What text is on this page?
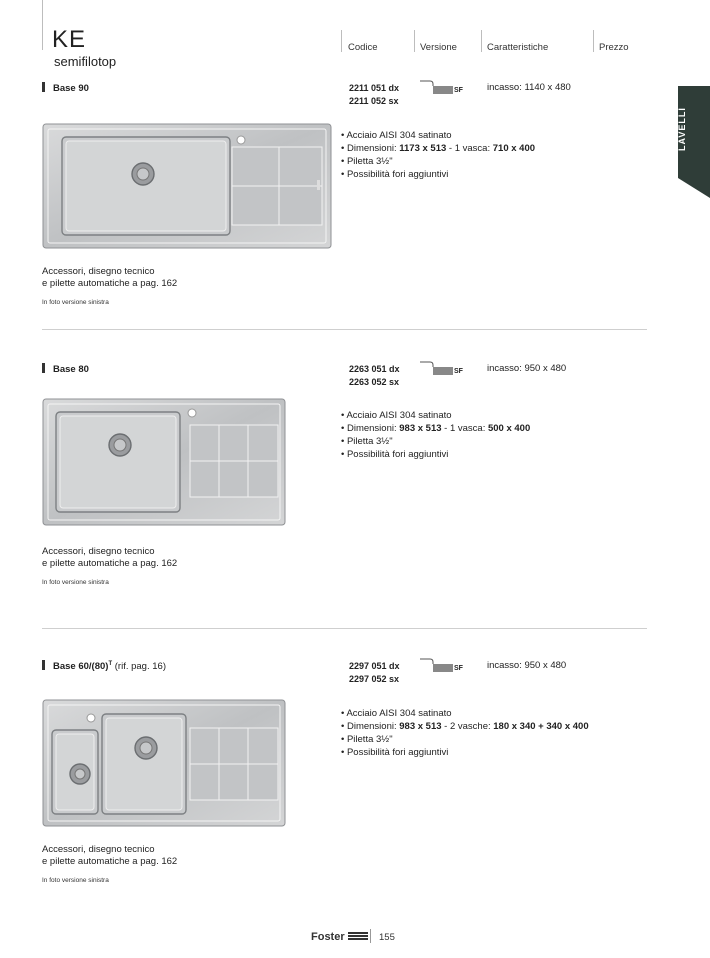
KE
semifilotop
Codice	Versione	Caratteristiche	Prezzo
LAVELLI
Base 90	2211 051 dx
2211 052 sx
SF	incasso: 1140 x 480
• Acciaio AISI 304 satinato
• Dimensioni: 1173 x 513 - 1 vasca: 710 x 400
• Piletta 3½"
• Possibilità fori aggiuntivi
Accessori, disegno tecnico
e pilette automatiche a pag. 162
In foto versione sinistra
Base 80	2263 051 dx
2263 052 sx
SF	incasso: 950 x 480
• Acciaio AISI 304 satinato
• Dimensioni: 983 x 513 - 1 vasca: 500 x 400
• Piletta 3½"
• Possibilità fori aggiuntivi
Accessori, disegno tecnico
e pilette automatiche a pag. 162
In foto versione sinistra
Base $60/(80)^T$ (rif. pag. 16)	2297 051 dx
2297 052 sx
SF	incasso: 950 x 480
• Acciaio AISI 304 satinato
• Dimensioni: 983 x 513 - 2 vasche: 180 x 340 + 340 x 400
• Piletta 3½"
• Possibilità fori aggiuntivi
Accessori, disegno tecnico
e pilette automatiche a pag. 162
In foto versione sinistra
Foster	155
